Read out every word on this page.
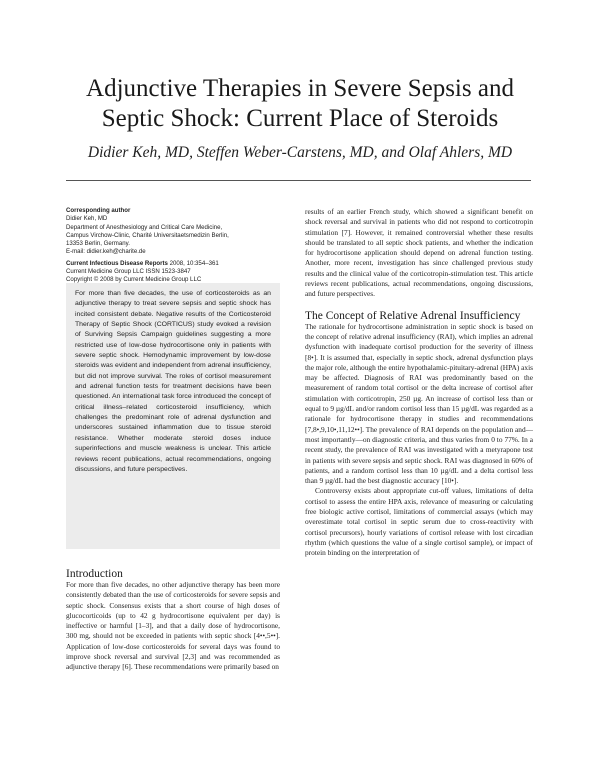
Adjunctive Therapies in Severe Sepsis and
Septic Shock: Current Place of Steroids
Didier Keh, MD, Steffen Weber-Carstens, MD, and Olaf Ahlers, MD
Corresponding author
Didier Keh, MD
Department of Anesthesiology and Critical Care Medicine,
Campus Virchow-Clinic, Charité Universitaetsmedizin Berlin,
13353 Berlin, Germany.
E-mail: didier.keh@charite.de
Current Infectious Disease Reports 2008, 10:354–361
Current Medicine Group LLC ISSN 1523-3847
Copyright © 2008 by Current Medicine Group LLC

For more than five decades, the use of corticosteroids as an adjunctive therapy to treat severe sepsis and septic shock has incited consistent debate. Negative results of the Corticosteroid Therapy of Septic Shock (CORTICUS) study evoked a revision of Surviving Sepsis Campaign guidelines suggesting a more restricted use of low-dose hydrocortisone only in patients with severe septic shock. Hemodynamic improvement by low-dose steroids was evident and independent from adrenal insufficiency, but did not improve survival. The roles of cortisol measurement and adrenal function tests for treatment decisions have been questioned. An international task force introduced the concept of critical illness–related corticosteroid insufficiency, which challenges the predominant role of adrenal dysfunction and underscores sustained inflammation due to tissue steroid resistance. Whether moderate steroid doses induce superinfections and muscle weakness is unclear. This article reviews recent publications, actual recommendations, ongoing discussions, and future perspectives.

Introduction

For more than five decades, no other adjunctive therapy has been more consistently debated than the use of corticosteroids for severe sepsis and septic shock. Consensus exists that a short course of high doses of glucocorticoids (up to 42 g hydrocortisone equivalent per day) is ineffective or harmful [1–3], and that a daily dose of hydrocortisone, 300 mg, should not be exceeded in patients with septic shock [4••,5••]. Application of low-dose corticosteroids for several days was found to improve shock reversal and survival [2,3] and was recommended as adjunctive therapy [6]. These recommendations were primarily based on

results of an earlier French study, which showed a significant benefit on shock reversal and survival in patients who did not respond to corticotropin stimulation [7]. However, it remained controversial whether these results should be translated to all septic shock patients, and whether the indication for hydrocortisone application should depend on adrenal function testing. Another, more recent, investigation has since challenged previous study results and the clinical value of the corticotropin-stimulation test. This article reviews recent publications, actual recommendations, ongoing discussions, and future perspectives.

The Concept of Relative Adrenal Insufficiency

The rationale for hydrocortisone administration in septic shock is based on the concept of relative adrenal insufficiency (RAI), which implies an adrenal dysfunction with inadequate cortisol production for the severity of illness [8•]. It is assumed that, especially in septic shock, adrenal dysfunction plays the major role, although the entire hypothalamic-pituitary-adrenal (HPA) axis may be affected. Diagnosis of RAI was predominantly based on the measurement of random total cortisol or the delta increase of cortisol after stimulation with corticotropin, 250 µg. An increase of cortisol less than or equal to 9 µg/dL and/or random cortisol less than 15 µg/dL was regarded as a rationale for hydrocortisone therapy in studies and recommendations [7,8•,9,10•,11,12••]. The prevalence of RAI depends on the population and—most importantly—on diagnostic criteria, and thus varies from 0 to 77%. In a recent study, the prevalence of RAI was investigated with a metyrapone test in patients with severe sepsis and septic shock. RAI was diagnosed in 60% of patients, and a random cortisol less than 10 µg/dL and a delta cortisol less than 9 µg/dL had the best diagnostic accuracy [10•].

Controversy exists about appropriate cut-off values, limitations of delta cortisol to assess the entire HPA axis, relevance of measuring or calculating free biologic active cortisol, limitations of commercial assays (which may overestimate total cortisol in septic serum due to cross-reactivity with cortisol precursors), hourly variations of cortisol release with lost circadian rhythm (which questions the value of a single cortisol sample), or impact of protein binding on the interpretation of
